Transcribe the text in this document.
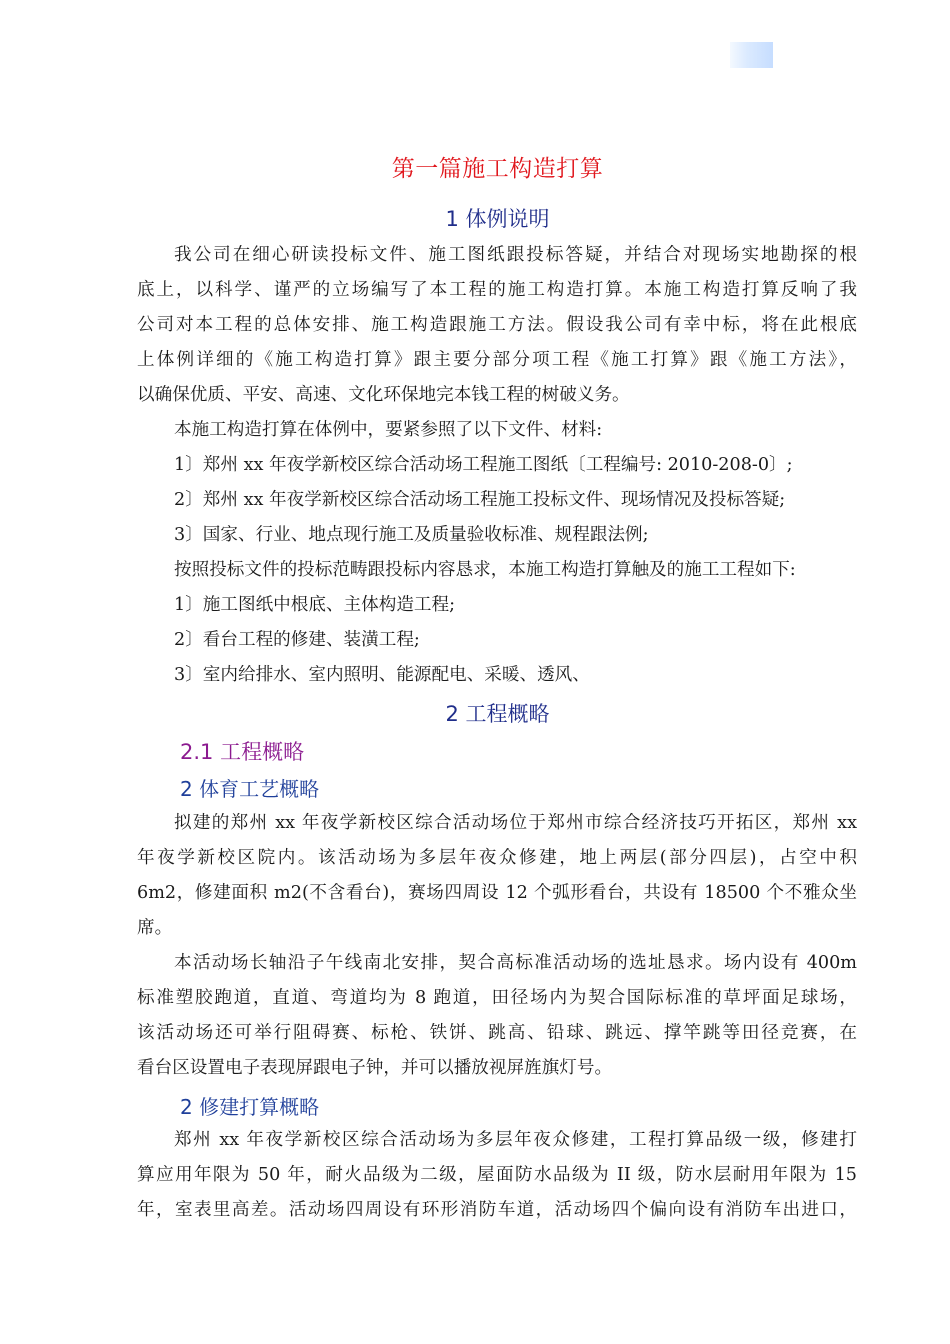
第一篇施工构造打算
1 体例说明
我公司在细心研读投标文件、施工图纸跟投标答疑，并结合对现场实地勘探的根
底上，以科学、谨严的立场编写了本工程的施工构造打算。本施工构造打算反响了我
公司对本工程的总体安排、施工构造跟施工方法。假设我公司有幸中标，将在此根底
上体例详细的《施工构造打算》跟主要分部分项工程《施工打算》跟《施工方法》，
以确保优质、平安、高速、文化环保地完本钱工程的树破义务。
本施工构造打算在体例中，要紧参照了以下文件、材料:
1〕郑州 xx 年夜学新校区综合活动场工程施工图纸〔工程编号: 2010-208-0〕;
2〕郑州 xx 年夜学新校区综合活动场工程施工投标文件、现场情况及投标答疑;
3〕国家、行业、地点现行施工及质量验收标准、规程跟法例;
按照投标文件的投标范畴跟投标内容恳求，本施工构造打算触及的施工工程如下:
1〕施工图纸中根底、主体构造工程;
2〕看台工程的修建、装潢工程;
3〕室内给排水、室内照明、能源配电、采暖、透风、
2 工程概略
2.1 工程概略
2 体育工艺概略
拟建的郑州 xx 年夜学新校区综合活动场位于郑州市综合经济技巧开拓区，郑州 xx
年夜学新校区院内。该活动场为多层年夜众修建，地上两层(部分四层)，占空中积
6m2，修建面积 m2(不含看台)，赛场四周设 12 个弧形看台，共设有 18500 个不雅众坐
席。
本活动场长轴沿子午线南北安排，契合高标准活动场的选址恳求。场内设有 400m
标准塑胶跑道，直道、弯道均为 8 跑道，田径场内为契合国际标准的草坪面足球场，
该活动场还可举行阻碍赛、标枪、铁饼、跳高、铅球、跳远、撑竿跳等田径竞赛，在
看台区设置电子表现屏跟电子钟，并可以播放视屏旌旗灯号。
2 修建打算概略
郑州 xx 年夜学新校区综合活动场为多层年夜众修建，工程打算品级一级，修建打
算应用年限为 50 年，耐火品级为二级，屋面防水品级为 II 级，防水层耐用年限为 15
年，室表里高差。活动场四周设有环形消防车道，活动场四个偏向设有消防车出进口，
